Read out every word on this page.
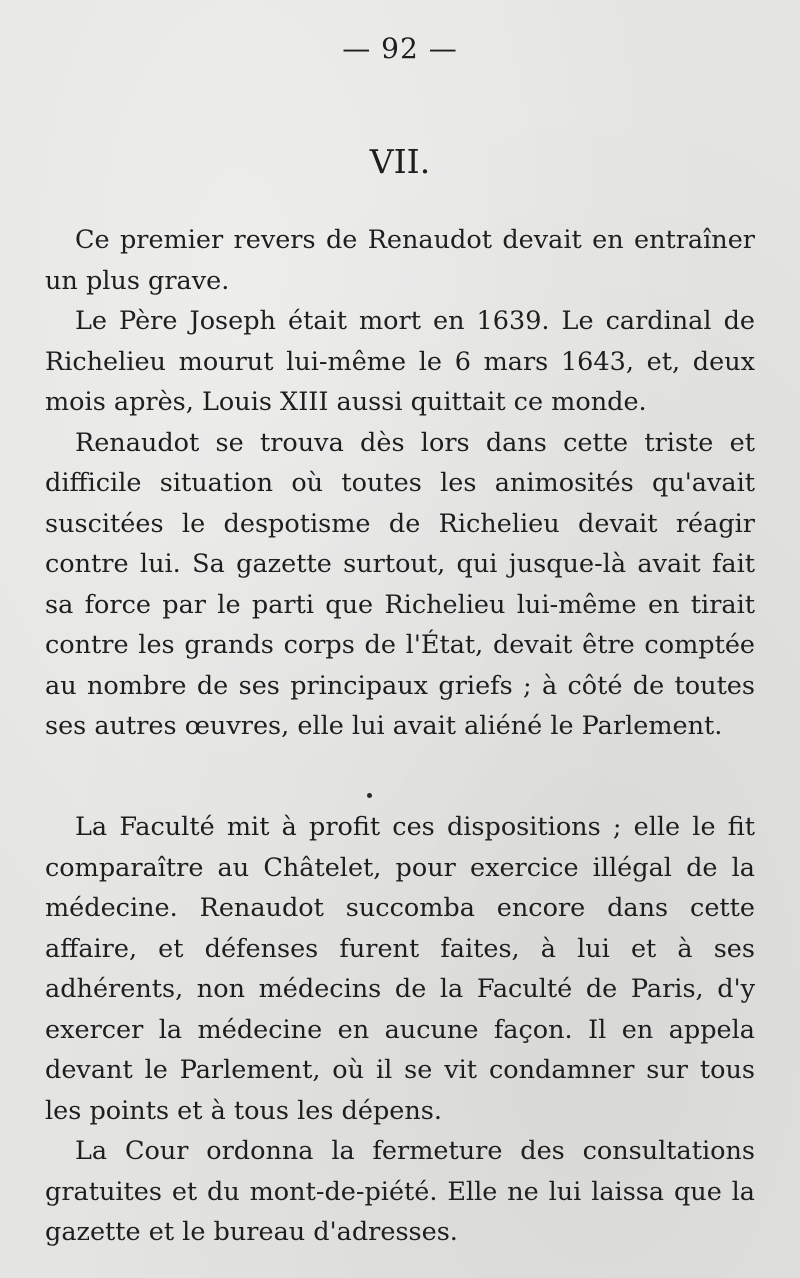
— 92 —
VII.

Ce premier revers de Renaudot devait en entraîner un plus grave.

Le Père Joseph était mort en 1639. Le cardinal de Richelieu mourut lui-même le 6 mars 1643, et, deux mois après, Louis XIII aussi quittait ce monde.

Renaudot se trouva dès lors dans cette triste et difficile situation où toutes les animosités qu'avait suscitées le despotisme de Richelieu devait réagir contre lui. Sa gazette surtout, qui jusque-là avait fait sa force par le parti que Richelieu lui-même en tirait contre les grands corps de l'État, devait être comptée au nombre de ses principaux griefs ; à côté de toutes ses autres œuvres, elle lui avait aliéné le Parlement.

La Faculté mit à profit ces dispositions ; elle le fit comparaître au Châtelet, pour exercice illégal de la médecine. Renaudot succomba encore dans cette affaire, et défenses furent faites, à lui et à ses adhérents, non médecins de la Faculté de Paris, d'y exercer la médecine en aucune façon. Il en appela devant le Parlement, où il se vit condamner sur tous les points et à tous les dépens.

La Cour ordonna la fermeture des consultations gratuites et du mont-de-piété. Elle ne lui laissa que la gazette et le bureau d'adresses.
